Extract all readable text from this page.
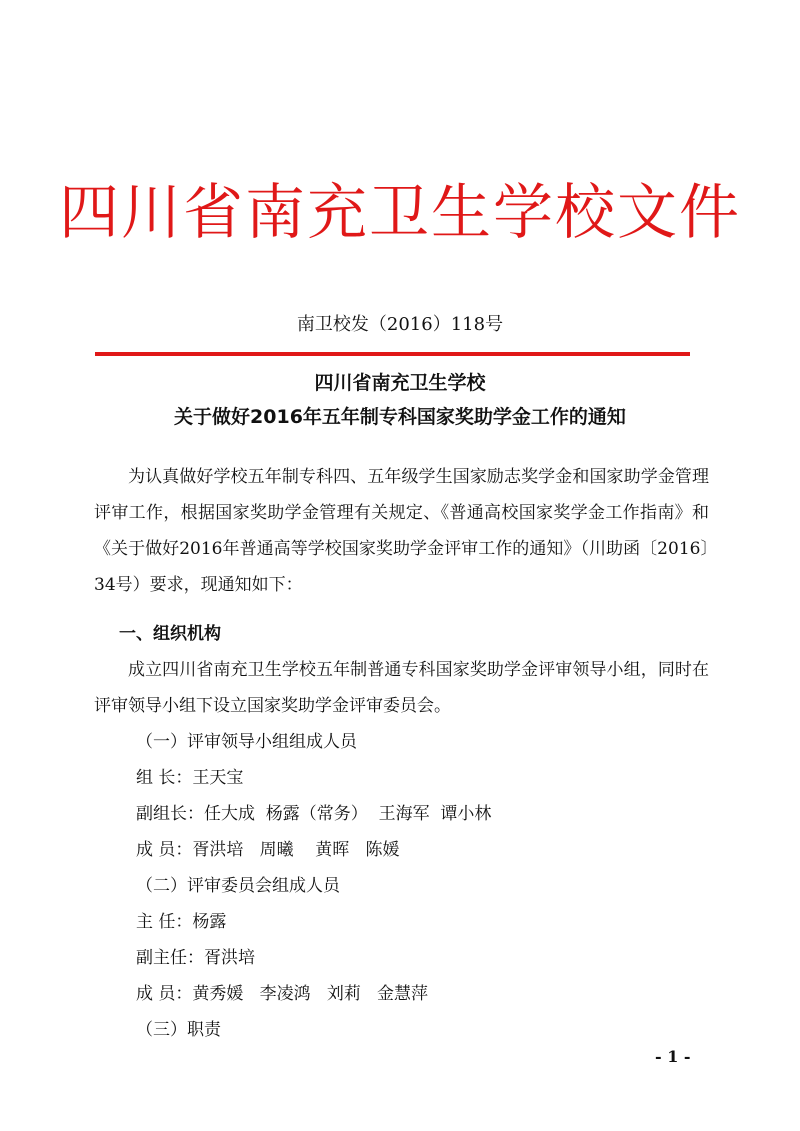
四川省南充卫生学校文件
南卫校发（2016）118号
四川省南充卫生学校
关于做好2016年五年制专科国家奖助学金工作的通知

为认真做好学校五年制专科四、五年级学生国家励志奖学金和国家助学金管理评审工作，根据国家奖助学金管理有关规定、《普通高校国家奖学金工作指南》和《关于做好2016年普通高等学校国家奖助学金评审工作的通知》（川助函〔2016〕34号）要求，现通知如下：

一、组织机构

成立四川省南充卫生学校五年制普通专科国家奖助学金评审领导小组，同时在评审领导小组下设立国家奖助学金评审委员会。

（一）评审领导小组组成人员
组 长：王天宝
副组长：任大成  杨露（常务）  王海军  谭小林
成 员：胥洪培   周曦    黄晖   陈媛
（二）评审委员会组成人员
主 任：杨露
副主任：胥洪培
成 员：黄秀媛   李凌鸿   刘莉   金慧萍
（三）职责
- 1 -
